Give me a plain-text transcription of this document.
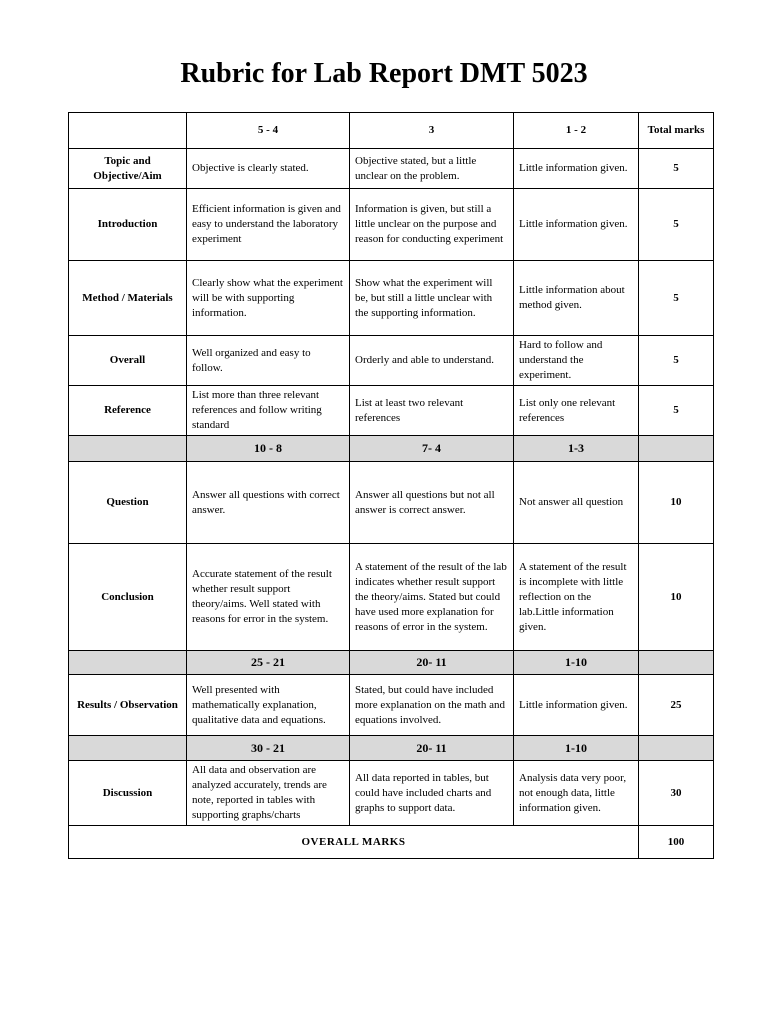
Rubric for Lab Report DMT 5023
	5 - 4	3	1 - 2	Total marks
Topic and Objective/Aim	Objective is clearly stated.	Objective stated, but a little unclear on the problem.	Little information given.	5
Introduction	Efficient information is given and easy to understand the laboratory experiment	Information is given, but still a little unclear on the purpose and reason for conducting experiment	Little information given.	5
Method / Materials	Clearly show what the experiment will be with supporting information.	Show what the experiment will be, but still a little unclear with the supporting information.	Little information about method given.	5
Overall	Well organized and easy to follow.	Orderly and able to understand.	Hard to follow and understand the experiment.	5
Reference	List more than three relevant references and follow writing standard	List at least two relevant references	List only one relevant references	5
	10 - 8	7- 4	1-3	
Question	Answer all questions with correct answer.	Answer all questions but not all answer is correct answer.	Not answer all question	10
Conclusion	Accurate statement of the result whether result support theory/aims. Well stated with reasons for error in the system.	A statement of the result of the lab indicates whether result support the theory/aims. Stated but could have used more explanation for reasons of error in the system.	A statement of the result is incomplete with little reflection on the lab.Little information given.	10
	25 - 21	20- 11	1-10	
Results / Observation	Well presented with mathematically explanation, qualitative data and equations.	Stated, but could have included more explanation on the math and equations involved.	Little information given.	25
	30 - 21	20- 11	1-10	
Discussion	All data and observation are analyzed accurately, trends are note, reported in tables with supporting graphs/charts	All data reported in tables, but could have included charts and graphs to support data.	Analysis data very poor, not enough data, little information given.	30
OVERALL MARKS				100
